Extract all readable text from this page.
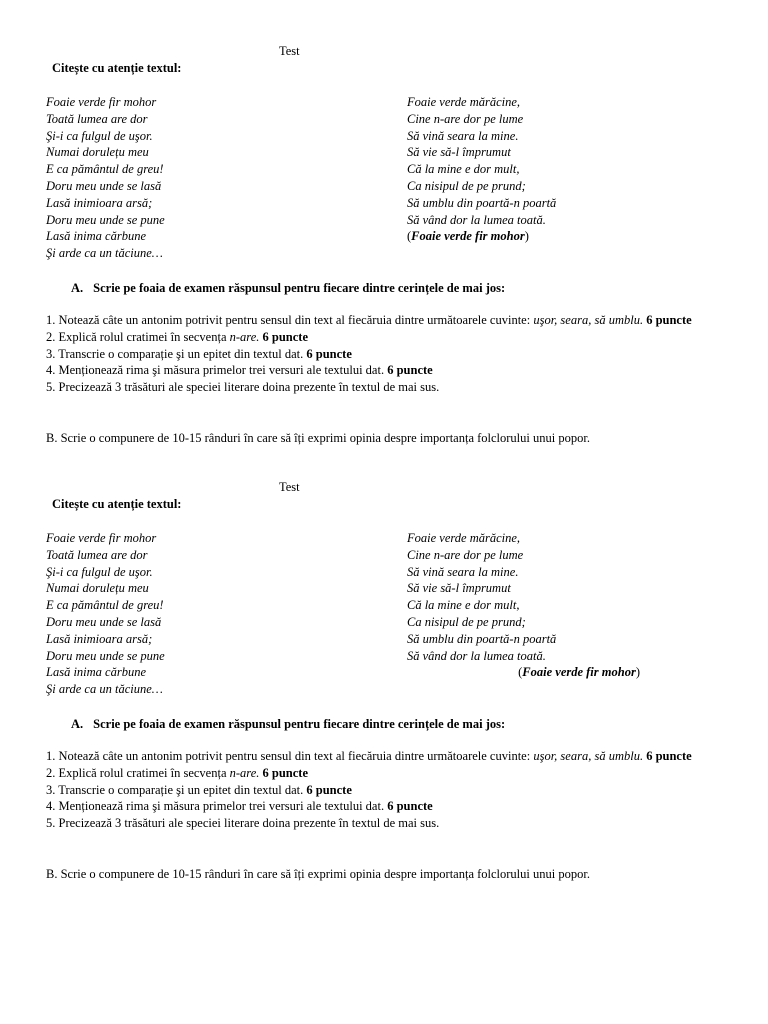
Test

Citește cu atenție textul:

Foaie verde fir mohor
Toată lumea are dor
Şi-i ca fulgul de uşor.
Numai dorulețu meu
E ca pământul de greu!
Doru meu unde se lasă
Lasă inimioara arsă;
Doru meu unde se pune
Lasă inima cărbune
Şi arde ca un tăciune…
Foaie verde mărăcine,
Cine n-are dor pe lume
Să vină seara la mine.
Să vie să-l împrumut
Că la mine e dor mult,
Ca nisipul de pe prund;
Să umblu din poartă-n poartă
Să vând dor la lumea toată.
(Foaie verde fir mohor)

A. Scrie pe foaia de examen răspunsul pentru fiecare dintre cerințele de mai jos:

1. Notează câte un antonim potrivit pentru sensul din text al fiecăruia dintre următoarele cuvinte: uşor, seara, să umblu. 6 puncte
2. Explică rolul cratimei în secvența n-are. 6 puncte
3. Transcrie o comparație şi un epitet din textul dat. 6 puncte
4. Menționează rima şi măsura primelor trei versuri ale textului dat. 6 puncte
5. Precizează 3 trăsături ale speciei literare doina prezente în textul de mai sus.

B. Scrie o compunere de 10-15 rânduri în care să îți exprimi opinia despre importanța folclorului unui popor.

Test

Citește cu atenție textul:

Foaie verde fir mohor
Toată lumea are dor
Şi-i ca fulgul de uşor.
Numai dorulețu meu
E ca pământul de greu!
Doru meu unde se lasă
Lasă inimioara arsă;
Doru meu unde se pune
Lasă inima cărbune
Şi arde ca un tăciune…
Foaie verde mărăcine,
Cine n-are dor pe lume
Să vină seara la mine.
Să vie să-l împrumut
Că la mine e dor mult,
Ca nisipul de pe prund;
Să umblu din poartă-n poartă
Să vând dor la lumea toată.
(Foaie verde fir mohor)

A. Scrie pe foaia de examen răspunsul pentru fiecare dintre cerințele de mai jos:

1. Notează câte un antonim potrivit pentru sensul din text al fiecăruia dintre următoarele cuvinte: uşor, seara, să umblu. 6 puncte
2. Explică rolul cratimei în secvența n-are. 6 puncte
3. Transcrie o comparație şi un epitet din textul dat. 6 puncte
4. Menționează rima şi măsura primelor trei versuri ale textului dat. 6 puncte
5. Precizează 3 trăsături ale speciei literare doina prezente în textul de mai sus.

B. Scrie o compunere de 10-15 rânduri în care să îți exprimi opinia despre importanța folclorului unui popor.
